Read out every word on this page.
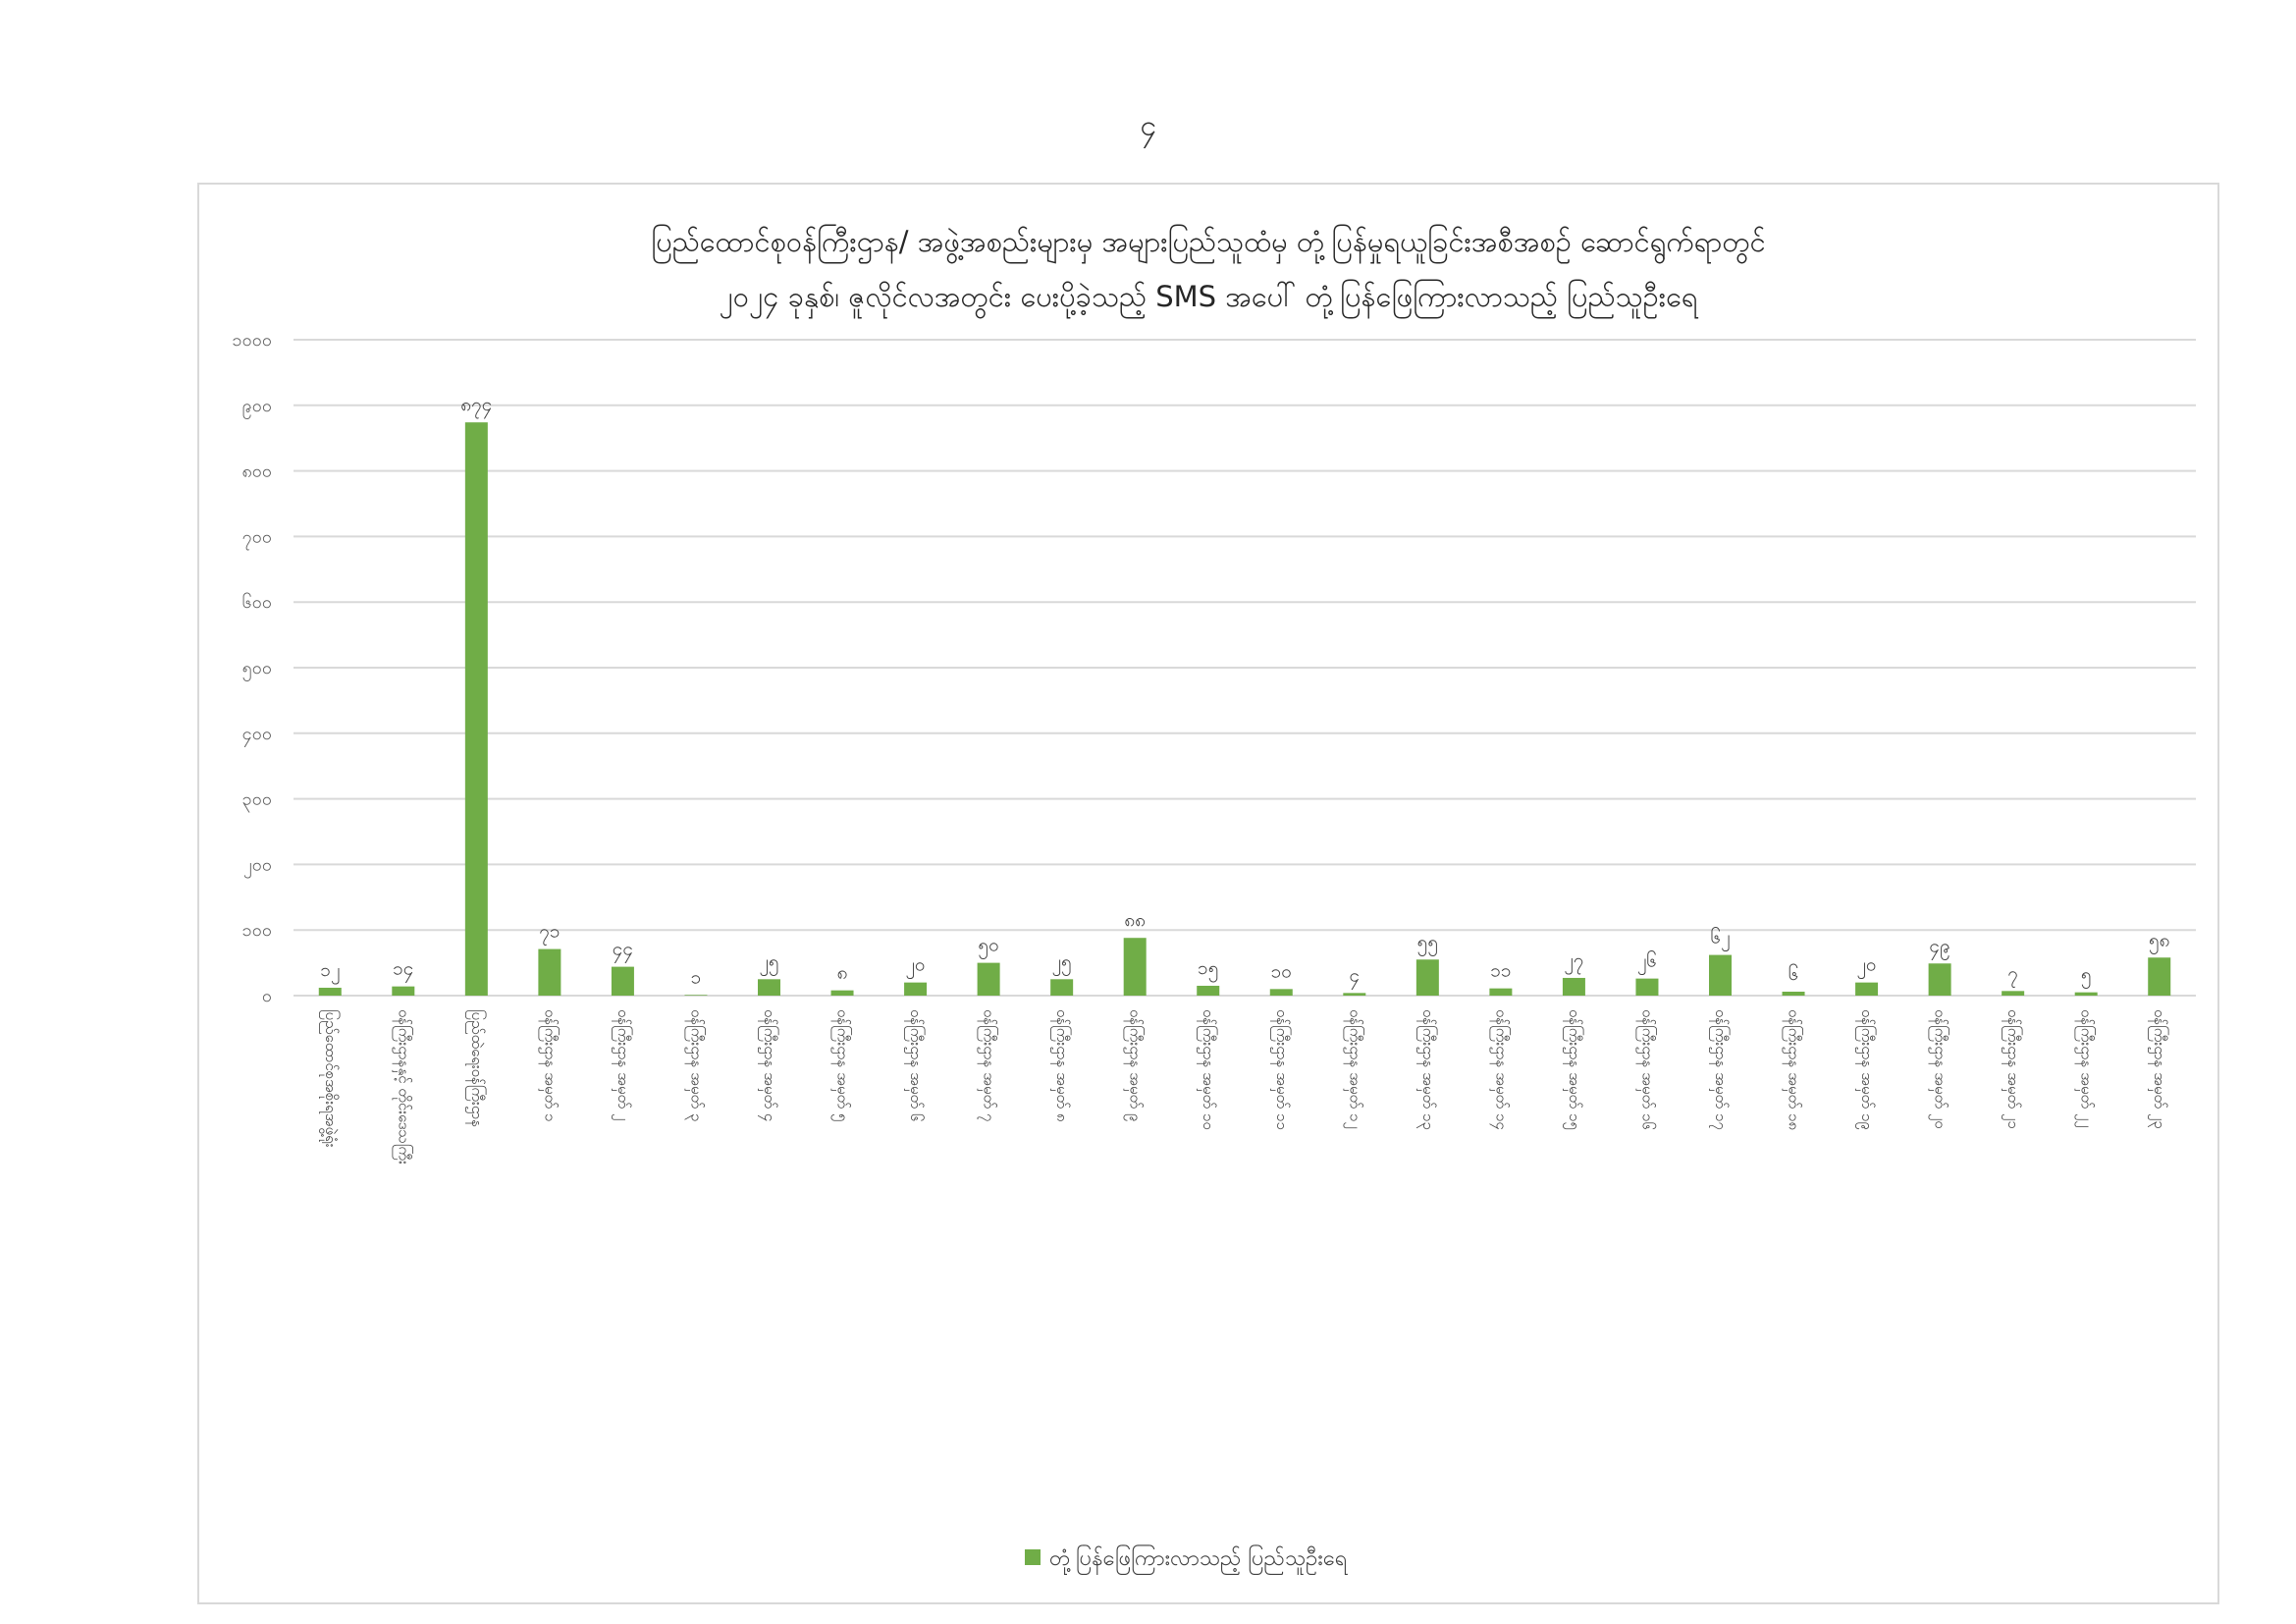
၄
ပြည်ထောင်စုဝန်ကြီးဌာန/ အဖွဲ့အစည်းများမှ အများပြည်သူထံမှ တုံ့ပြန်မှုရယူခြင်းအစီအစဉ် ဆောင်ရွက်ရာတွင်
၂၀၂၄ ခုနှစ်၊ ဇူလိုင်လအတွင်း ပေးပို့ခဲ့သည့် SMS အပေါ် တုံ့ပြန်ဖြေကြားလာသည့် ပြည်သူဦးရေ
၀
၁၀၀
၂၀၀
၃၀၀
၄၀၀
၅၀၀
၆၀၀
၇၀၀
၈၀၀
၉၀၀
၁၀၀၀
၁၂	၁၄
၈၇၄
၇၁
၄၄
၁
၂၅
၈	၂၀
၅၀
၂၅
၈၈
၁၅	၁၀	၄
၅၅
၁၁	၂၇	၂၆
၆၂
၆	၂၀
၄၉
၇	၅
၅၈
ပြည်ထောင်စုအစိုးရအဖွဲ့ရုံး	ဝန်ကြီးဌာနနှင့် တိုင်းဒေသကြီး	ပြည်ထဲရေးဝန်ကြီးဌာန	ဝန်ကြီးဌာန အမှတ် ၁	ဝန်ကြီးဌာန အမှတ် ၂	ဝန်ကြီးဌာန အမှတ် ၃	ဝန်ကြီးဌာန အမှတ် ၄	ဝန်ကြီးဌာန အမှတ် ၅	ဝန်ကြီးဌာန အမှတ် ၆	ဝန်ကြီးဌာန အမှတ် ၇	ဝန်ကြီးဌာန အမှတ် ၈	ဝန်ကြီးဌာန အမှတ် ၉	ဝန်ကြီးဌာန အမှတ် ၁၀	ဝန်ကြီးဌာန အမှတ် ၁၁	ဝန်ကြီးဌာန အမှတ် ၁၂	ဝန်ကြီးဌာန အမှတ် ၁၃	ဝန်ကြီးဌာန အမှတ် ၁၄	ဝန်ကြီးဌာန အမှတ် ၁၅	ဝန်ကြီးဌာန အမှတ် ၁၆	ဝန်ကြီးဌာန အမှတ် ၁၇	ဝန်ကြီးဌာန အမှတ် ၁၈	ဝန်ကြီးဌာန အမှတ် ၁၉	ဝန်ကြီးဌာန အမှတ် ၂၀	ဝန်ကြီးဌာန အမှတ် ၂၁	ဝန်ကြီးဌာန အမှတ် ၂၂	ဝန်ကြီးဌာန အမှတ် ၂၃
တုံ့ပြန်ဖြေကြားလာသည့် ပြည်သူဦးရေ
